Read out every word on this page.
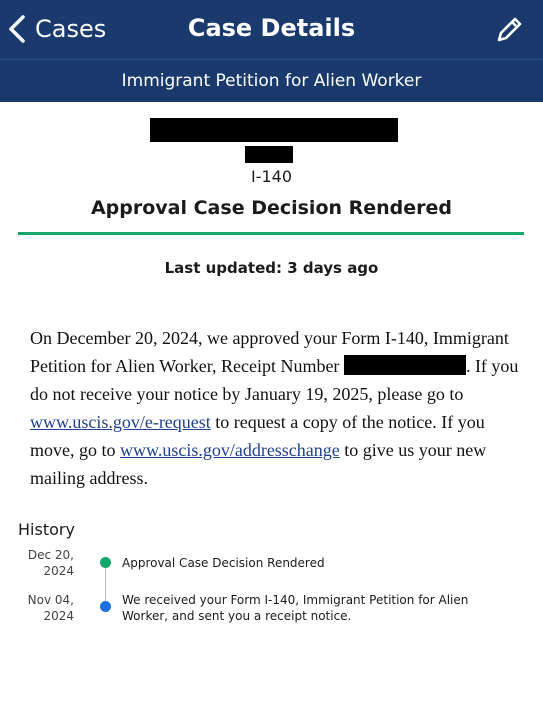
Cases	Case Details
Immigrant Petition for Alien Worker
I-140
Approval Case Decision Rendered
Last updated: 3 days ago
On December 20, 2024, we approved your Form I-140, Immigrant Petition for Alien Worker, Receipt Number	. If you do not receive your notice by January 19, 2025, please go to www.uscis.gov/e-request to request a copy of the notice. If you move, go to www.uscis.gov/addresschange to give us your new mailing address.
History
Dec 20,
2024
Approval Case Decision Rendered
Nov 04,
2024
We received your Form I-140, Immigrant Petition for Alien Worker, and sent you a receipt notice.
